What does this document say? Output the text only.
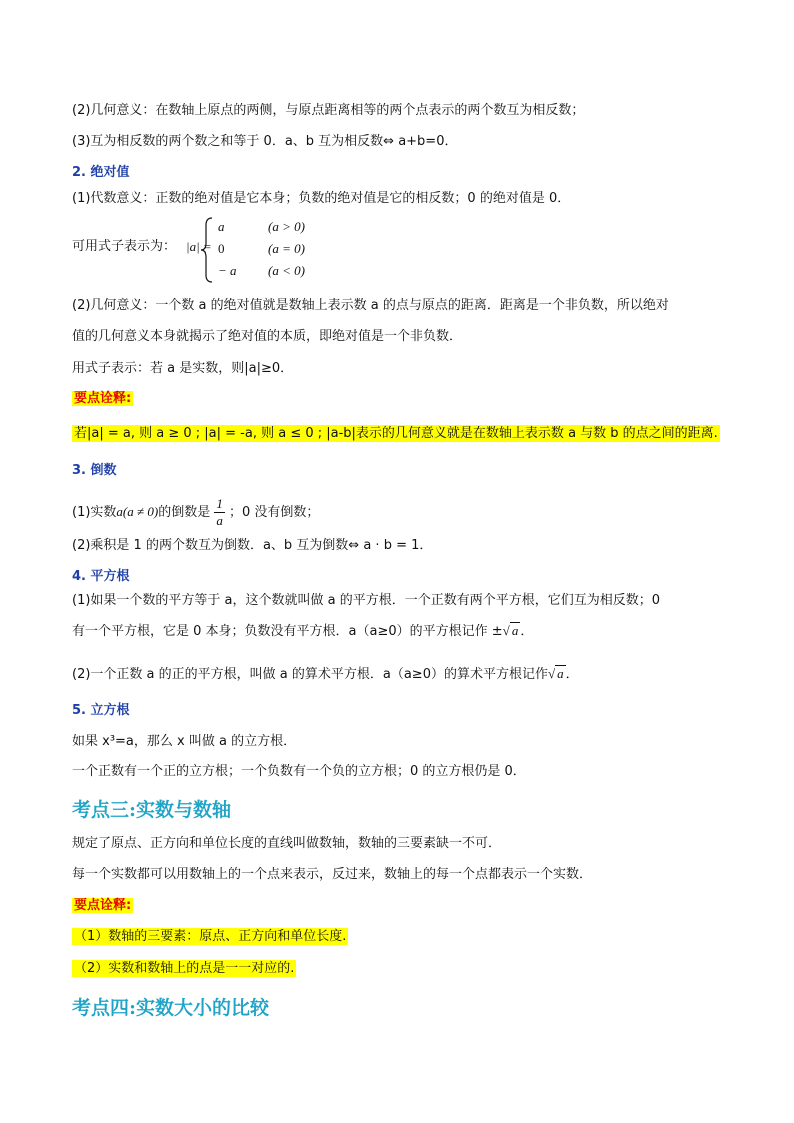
(2)几何意义：在数轴上原点的两侧，与原点距离相等的两个点表示的两个数互为相反数；
(3)互为相反数的两个数之和等于 0．a、b 互为相反数⇔ a+b=0．
2. 绝对值
(1)代数意义：正数的绝对值是它本身；负数的绝对值是它的相反数；0 的绝对值是 0．
可用式子表示为： |a| =
a	(a > 0)
0	(a = 0)
− a (a < 0)
(2)几何意义：一个数 a 的绝对值就是数轴上表示数 a 的点与原点的距离．距离是一个非负数，所以绝对
值的几何意义本身就揭示了绝对值的本质，即绝对值是一个非负数．
用式子表示：若 a 是实数，则|a|≥0．
要点诠释:
若|a| = a, 则 a ≥ 0 ; |a| = -a, 则 a ≤ 0 ; |a-b|表示的几何意义就是在数轴上表示数 a 与数 b 的点之间的距离.
3. 倒数
(1)实数a(a ≠ 0)的倒数是 $\frac{1}{a}$ ；0 没有倒数；
(2)乘积是 1 的两个数互为倒数．a、b 互为倒数⇔ a · b = 1．
4. 平方根
(1)如果一个数的平方等于 a，这个数就叫做 a 的平方根．一个正数有两个平方根，它们互为相反数；0
有一个平方根，它是 0 本身；负数没有平方根．a（a≥0）的平方根记作 ±√ a ．
(2)一个正数 a 的正的平方根，叫做 a 的算术平方根．a（a≥0）的算术平方根记作√ a ．
5. 立方根
如果 x³=a，那么 x 叫做 a 的立方根．
一个正数有一个正的立方根；一个负数有一个负的立方根；0 的立方根仍是 0．
考点三:实数与数轴
规定了原点、正方向和单位长度的直线叫做数轴，数轴的三要素缺一不可．
每一个实数都可以用数轴上的一个点来表示，反过来，数轴上的每一个点都表示一个实数．
要点诠释:
（1）数轴的三要素：原点、正方向和单位长度.
（2）实数和数轴上的点是一一对应的.
考点四:实数大小的比较
